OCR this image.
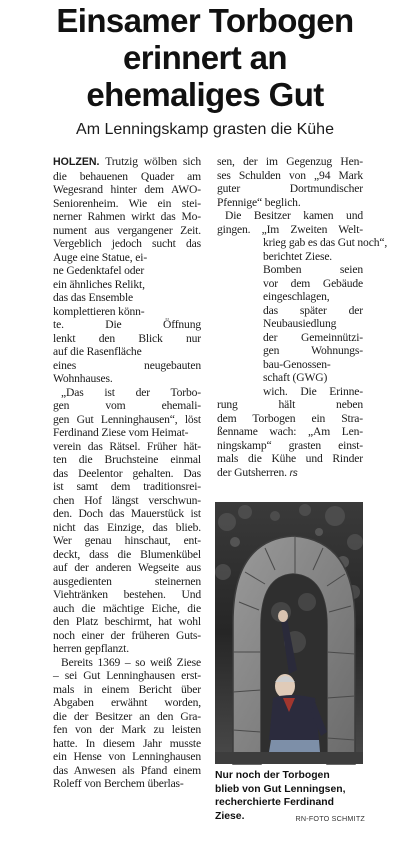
Einsamer Torbogen
erinnert an
ehemaliges Gut
Am Lenningskamp grasten die Kühe
HOLZEN. Trutzig wölben sich
die behauenen Quader am
Wegesrand hinter dem AWO-
Seniorenheim. Wie ein stei-
nerner Rahmen wirkt das Mo-
nument aus vergangener Zeit.
Vergeblich jedoch sucht das
Auge eine Statue, ei-
ne Gedenktafel oder
ein ähnliches Relikt,
das das Ensemble
komplettieren könn-
te. Die Öffnung
lenkt den Blick nur
auf die Rasenfläche
eines neugebauten
Wohnhauses.
„Das ist der Torbo-
gen vom ehemali-
gen Gut Lenninghausen“, löst
Ferdinand Ziese vom Heimat-
verein das Rätsel. Früher hät-
ten die Bruchsteine einmal
das Deelentor gehalten. Das
ist samt dem traditionsrei-
chen Hof längst verschwun-
den. Doch das Mauerstück ist
nicht das Einzige, das blieb.
Wer genau hinschaut, ent-
deckt, dass die Blumenkübel
auf der anderen Wegseite aus
ausgedienten steinernen
Viehtränken bestehen. Und
auch die mächtige Eiche, die
den Platz beschirmt, hat wohl
noch einer der früheren Guts-
herren gepflanzt.
Bereits 1369 – so weiß Ziese
– sei Gut Lenninghausen erst-
mals in einem Bericht über
Abgaben erwähnt worden,
die der Besitzer an den Gra-
fen von der Mark zu leisten
hatte. In diesem Jahr musste
ein Hense von Lenninghausen
das Anwesen als Pfand einem
Roleff von Berchem überlas-
sen, der im Gegenzug Hen-
ses Schulden von „94 Mark
guter Dortmundischer
Pfennige“ beglich.
Die Besitzer kamen und
gingen. „Im Zweiten Welt-
krieg gab es das Gut noch“,
berichtet Ziese.
Bomben seien
vor dem Gebäude
eingeschlagen,
das später der
Neubausiedlung
der Gemeinnützi-
gen Wohnungs-
bau-Genossen-
schaft (GWG)
wich. Die Erinne-
rung hält neben
dem Torbogen ein Stra-
ßenname wach: „Am Len-
ningskamp“ grasten einst-
mals die Kühe und Rinder
der Gutsherren. rs
Nur noch der Torbogen
blieb von Gut Lenningsen,
recherchierte Ferdinand
Ziese.	RN-FOTO SCHMITZ
